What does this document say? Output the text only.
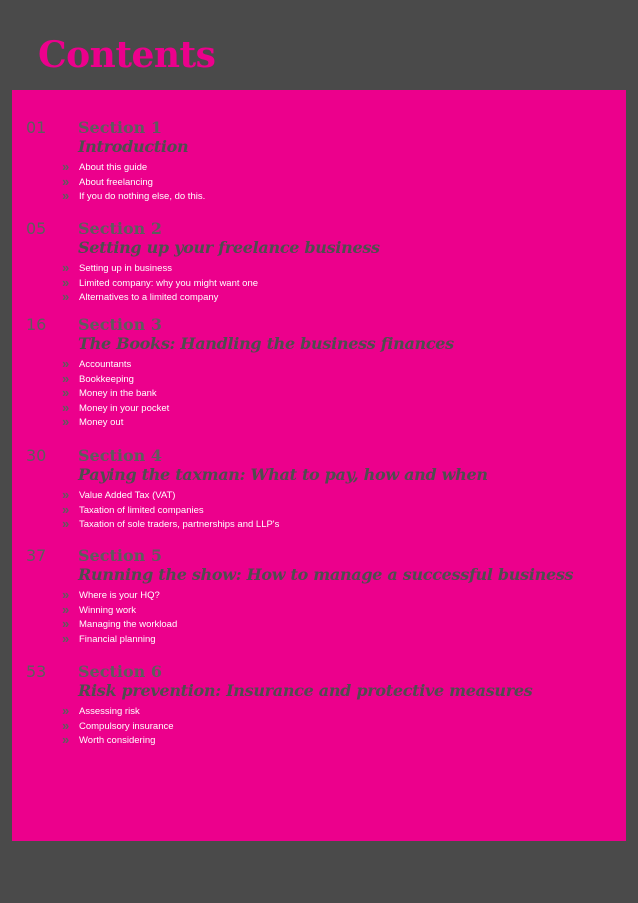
Contents
01 Section 1
Introduction
» About this guide
» About freelancing
» If you do nothing else, do this.
05 Section 2
Setting up your freelance business
» Setting up in business
» Limited company: why you might want one
» Alternatives to a limited company
16 Section 3
The Books: Handling the business finances
» Accountants
» Bookkeeping
» Money in the bank
» Money in your pocket
» Money out
30 Section 4
Paying the taxman: What to pay, how and when
» Value Added Tax (VAT)
» Taxation of limited companies
» Taxation of sole traders, partnerships and LLP's
37 Section 5
Running the show: How to manage a successful business
» Where is your HQ?
» Winning work
» Managing the workload
» Financial planning
53 Section 6
Risk prevention: Insurance and protective measures
» Assessing risk
» Compulsory insurance
» Worth considering
